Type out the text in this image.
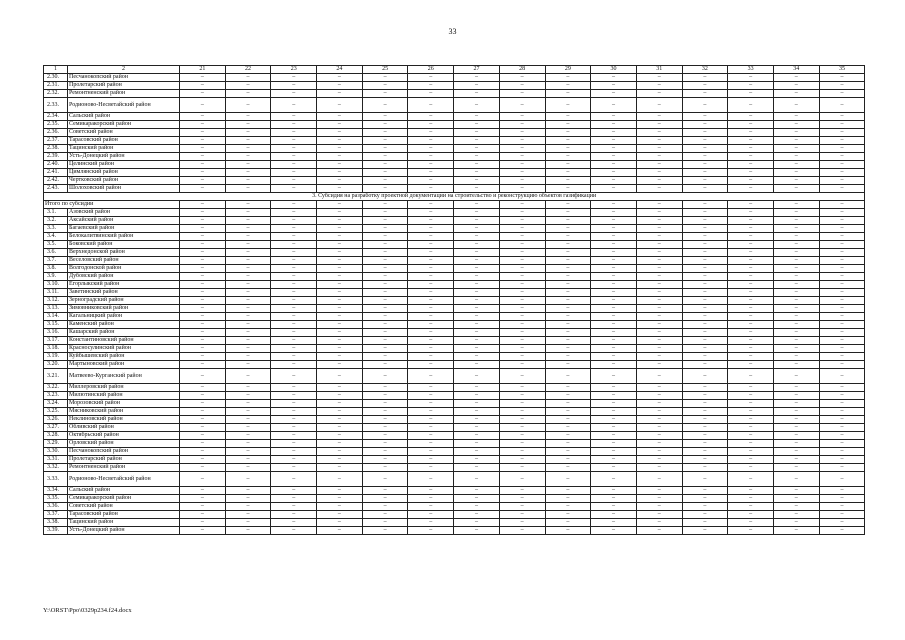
33
1	2	21	22	23	24	25	26	27	28	29	30	31	32	33	34	35
2.30.	Песчанокопский район	–	–	–	–	–	–	–	–	–	–	–	–	–	–	–
2.31.	Пролетарский район	–	–	–	–	–	–	–	–	–	–	–	–	–	–	–
2.32.	Ремонтненский район	–	–	–	–	–	–	–	–	–	–	–	–	–	–	–
2.33.	Родионово-Несветайский район	–	–	–	–	–	–	–	–	–	–	–	–	–	–	–
2.34.	Сальский район	–	–	–	–	–	–	–	–	–	–	–	–	–	–	–
2.35.	Семикаракорский район	–	–	–	–	–	–	–	–	–	–	–	–	–	–	–
2.36.	Советский район	–	–	–	–	–	–	–	–	–	–	–	–	–	–	–
2.37.	Тарасовский район	–	–	–	–	–	–	–	–	–	–	–	–	–	–	–
2.38.	Тацинский район	–	–	–	–	–	–	–	–	–	–	–	–	–	–	–
2.39.	Усть-Донецкий район	–	–	–	–	–	–	–	–	–	–	–	–	–	–	–
2.40.	Целинский район	–	–	–	–	–	–	–	–	–	–	–	–	–	–	–
2.41.	Цимлянский район	–	–	–	–	–	–	–	–	–	–	–	–	–	–	–
2.42.	Чертковский район	–	–	–	–	–	–	–	–	–	–	–	–	–	–	–
2.43.	Шолоховский район	–	–	–	–	–	–	–	–	–	–	–	–	–	–	–
3. Субсидия на разработку проектной документации на строительство и реконструкцию объектов газификации																
Итого по субсидии		–	–	–	–	–	–	–	–	–	–	–	–	–	–	–
3.1.	Азовский район	–	–	–	–	–	–	–	–	–	–	–	–	–	–	–
3.2.	Аксайский район	–	–	–	–	–	–	–	–	–	–	–	–	–	–	–
3.3.	Багаевский район	–	–	–	–	–	–	–	–	–	–	–	–	–	–	–
3.4.	Белокалитвинский район	–	–	–	–	–	–	–	–	–	–	–	–	–	–	–
3.5.	Боковский район	–	–	–	–	–	–	–	–	–	–	–	–	–	–	–
3.6.	Верхнедонской район	–	–	–	–	–	–	–	–	–	–	–	–	–	–	–
3.7.	Веселовский район	–	–	–	–	–	–	–	–	–	–	–	–	–	–	–
3.8.	Волгодонской район	–	–	–	–	–	–	–	–	–	–	–	–	–	–	–
3.9.	Дубовский район	–	–	–	–	–	–	–	–	–	–	–	–	–	–	–
3.10.	Егорлыкский район	–	–	–	–	–	–	–	–	–	–	–	–	–	–	–
3.11.	Заветинский район	–	–	–	–	–	–	–	–	–	–	–	–	–	–	–
3.12.	Зерноградский район	–	–	–	–	–	–	–	–	–	–	–	–	–	–	–
3.13.	Зимовниковский район	–	–	–	–	–	–	–	–	–	–	–	–	–	–	–
3.14.	Кагальницкий район	–	–	–	–	–	–	–	–	–	–	–	–	–	–	–
3.15.	Каменский район	–	–	–	–	–	–	–	–	–	–	–	–	–	–	–
3.16.	Кашарский район	–	–	–	–	–	–	–	–	–	–	–	–	–	–	–
3.17.	Константиновский район	–	–	–	–	–	–	–	–	–	–	–	–	–	–	–
3.18.	Красносулинский район	–	–	–	–	–	–	–	–	–	–	–	–	–	–	–
3.19.	Куйбышевский район	–	–	–	–	–	–	–	–	–	–	–	–	–	–	–
3.20.	Мартыновский район	–	–	–	–	–	–	–	–	–	–	–	–	–	–	–
3.21.	Матвеево-Курганский район	–	–	–	–	–	–	–	–	–	–	–	–	–	–	–
3.22.	Миллеровский район	–	–	–	–	–	–	–	–	–	–	–	–	–	–	–
3.23.	Милютинский район	–	–	–	–	–	–	–	–	–	–	–	–	–	–	–
3.24.	Морозовский район	–	–	–	–	–	–	–	–	–	–	–	–	–	–	–
3.25.	Мясниковский район	–	–	–	–	–	–	–	–	–	–	–	–	–	–	–
3.26.	Неклиновский район	–	–	–	–	–	–	–	–	–	–	–	–	–	–	–
3.27.	Обливский район	–	–	–	–	–	–	–	–	–	–	–	–	–	–	–
3.28.	Октябрьский район	–	–	–	–	–	–	–	–	–	–	–	–	–	–	–
3.29.	Орловский район	–	–	–	–	–	–	–	–	–	–	–	–	–	–	–
3.30.	Песчанокопский район	–	–	–	–	–	–	–	–	–	–	–	–	–	–	–
3.31.	Пролетарский район	–	–	–	–	–	–	–	–	–	–	–	–	–	–	–
3.32.	Ремонтненский район	–	–	–	–	–	–	–	–	–	–	–	–	–	–	–
3.33.	Родионово-Несветайский район	–	–	–	–	–	–	–	–	–	–	–	–	–	–	–
3.34.	Сальский район	–	–	–	–	–	–	–	–	–	–	–	–	–	–	–
3.35.	Семикаракорский район	–	–	–	–	–	–	–	–	–	–	–	–	–	–	–
3.36.	Советский район	–	–	–	–	–	–	–	–	–	–	–	–	–	–	–
3.37.	Тарасовский район	–	–	–	–	–	–	–	–	–	–	–	–	–	–	–
3.38.	Тацинский район	–	–	–	–	–	–	–	–	–	–	–	–	–	–	–
3.39.	Усть-Донецкий район	–	–	–	–	–	–	–	–	–	–	–	–	–	–	–
Y:\ORST\Ppo\0329p234.f24.docx
